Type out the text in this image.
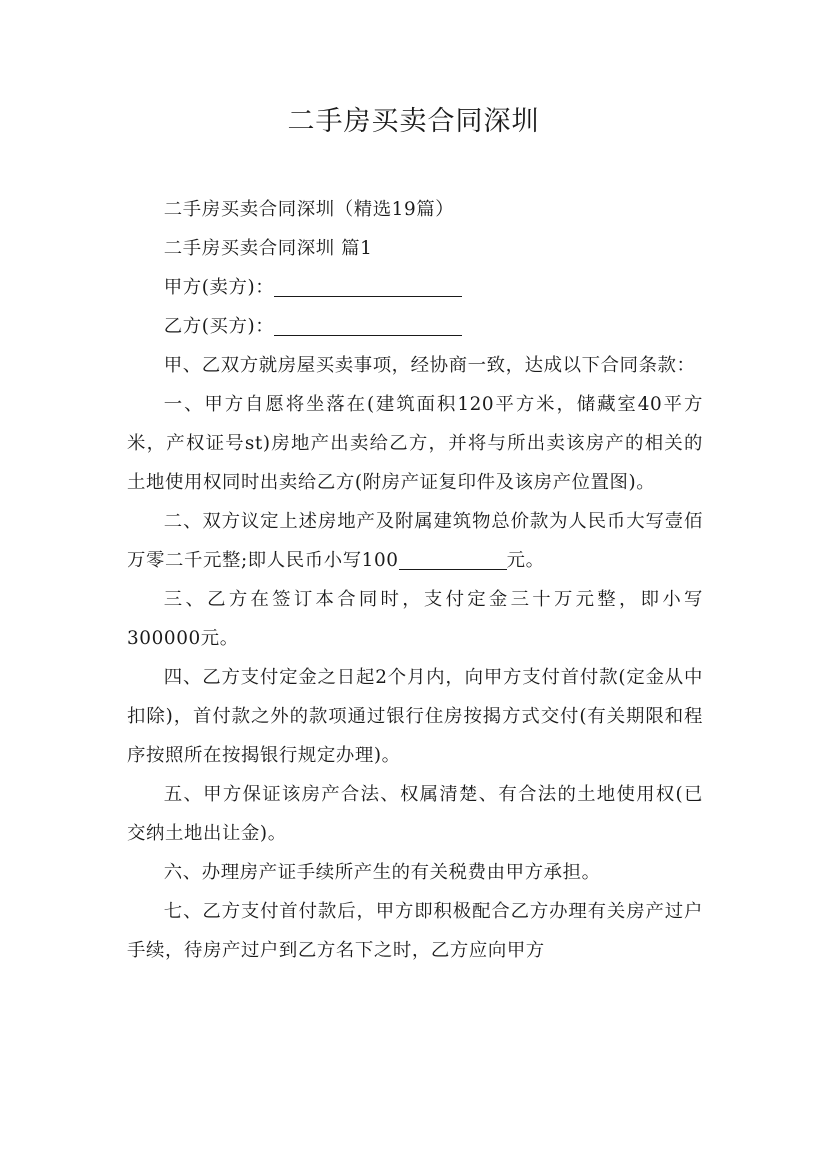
二手房买卖合同深圳

二手房买卖合同深圳（精选19篇）

二手房买卖合同深圳 篇1

甲方(卖方)：

乙方(买方)：

甲、乙双方就房屋买卖事项，经协商一致，达成以下合同条款：

一、甲方自愿将坐落在(建筑面积120平方米，储藏室40平方米，产权证号st)房地产出卖给乙方，并将与所出卖该房产的相关的土地使用权同时出卖给乙方(附房产证复印件及该房产位置图)。

二、双方议定上述房地产及附属建筑物总价款为人民币大写壹佰万零二千元整;即人民币小写100	元。

三、乙方在签订本合同时，支付定金三十万元整，即小写300000元。

四、乙方支付定金之日起2个月内，向甲方支付首付款(定金从中扣除)，首付款之外的款项通过银行住房按揭方式交付(有关期限和程序按照所在按揭银行规定办理)。

五、甲方保证该房产合法、权属清楚、有合法的土地使用权(已交纳土地出让金)。

六、办理房产证手续所产生的有关税费由甲方承担。

七、乙方支付首付款后，甲方即积极配合乙方办理有关房产过户手续，待房产过户到乙方名下之时，乙方应向甲方
